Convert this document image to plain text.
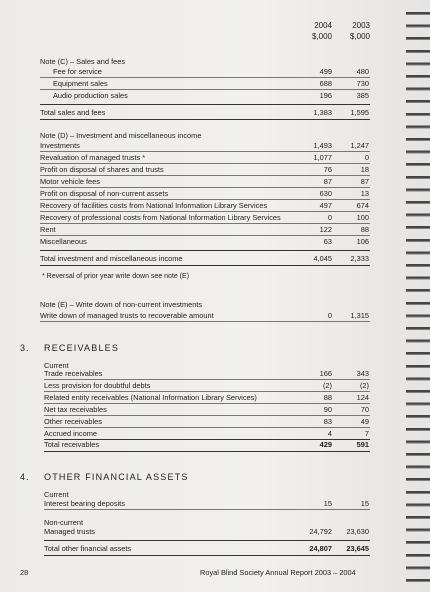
2004
$,000
2003
$,000
Note (C) – Sales and fees
Fee for service	499	480
Equipment sales	688	730
Audio production sales	196	385
Total sales and fees	1,383	1,595
Note (D) – Investment and miscellaneous income
Investments	1,493	1,247
Revaluation of managed trusts *	1,077	0
Profit on disposal of shares and trusts	76	18
Motor vehicle fees	87	87
Profit on disposal of non-current assets	630	13
Recovery of facilities costs from National Information Library Services	497	674
Recovery of professional costs from National Information Library Services	0	100
Rent	122	88
Miscellaneous	63	106
Total investment and miscellaneous income	4,045	2,333
* Reversal of prior year write down see note (E)
Note (E) – Write down of non-current investments
Write down of managed trusts to recoverable amount	0	1,315
3. RECEIVABLES
Current
Trade receivables	166	343
Less provision for doubtful debts	(2)	(2)
Related entity receivables (National Information Library Services)	88	124
Net tax receivables	90	70
Other receivables	83	49
Accrued income	4	7
Total receivables	429	591
4. OTHER FINANCIAL ASSETS
Current
Interest bearing deposits	15	15
Non-current
Managed trusts	24,792 23,630
Total other financial assets	24,807 23,645
28	Royal Blind Society Annual Report 2003 – 2004
